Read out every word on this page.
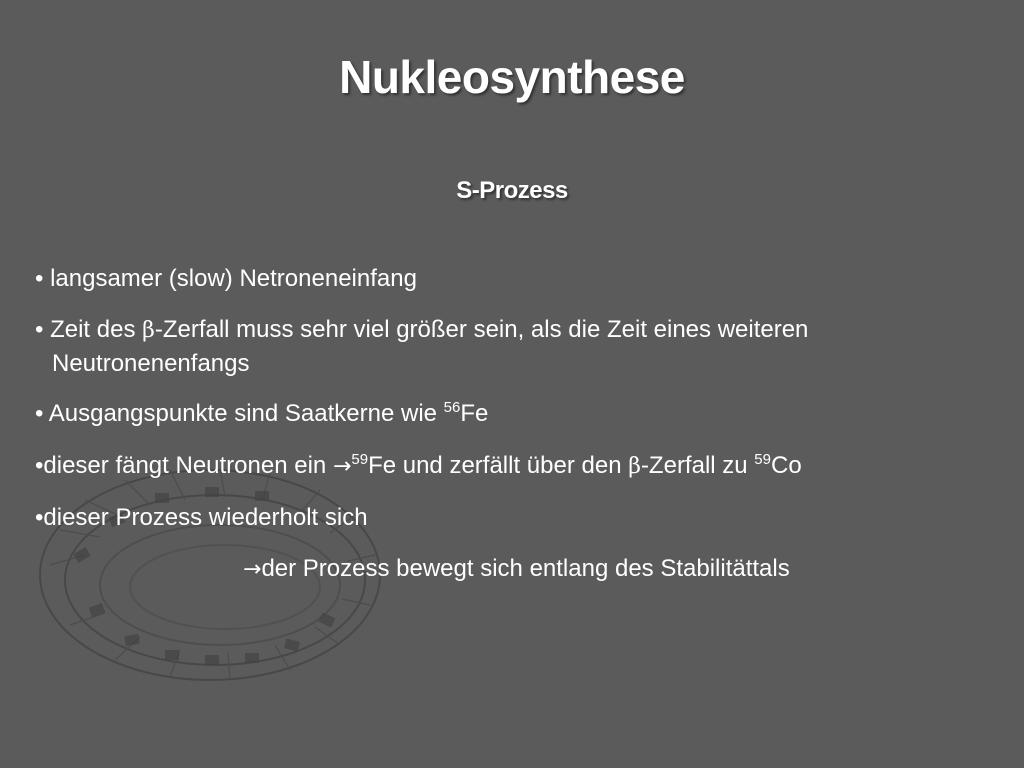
Nukleosynthese
S-Prozess
• langsamer (slow) Netroneneinfang
• Zeit des β-Zerfall muss sehr viel größer sein, als die Zeit eines weiteren
Neutronenenfangs
• Ausgangspunkte sind Saatkerne wie $^{56}$Fe
•dieser fängt Neutronen ein →$^{59}$Fe und zerfällt über den β-Zerfall zu $^{59}$Co
•dieser Prozess wiederholt sich
→der Prozess bewegt sich entlang des Stabilitättals
